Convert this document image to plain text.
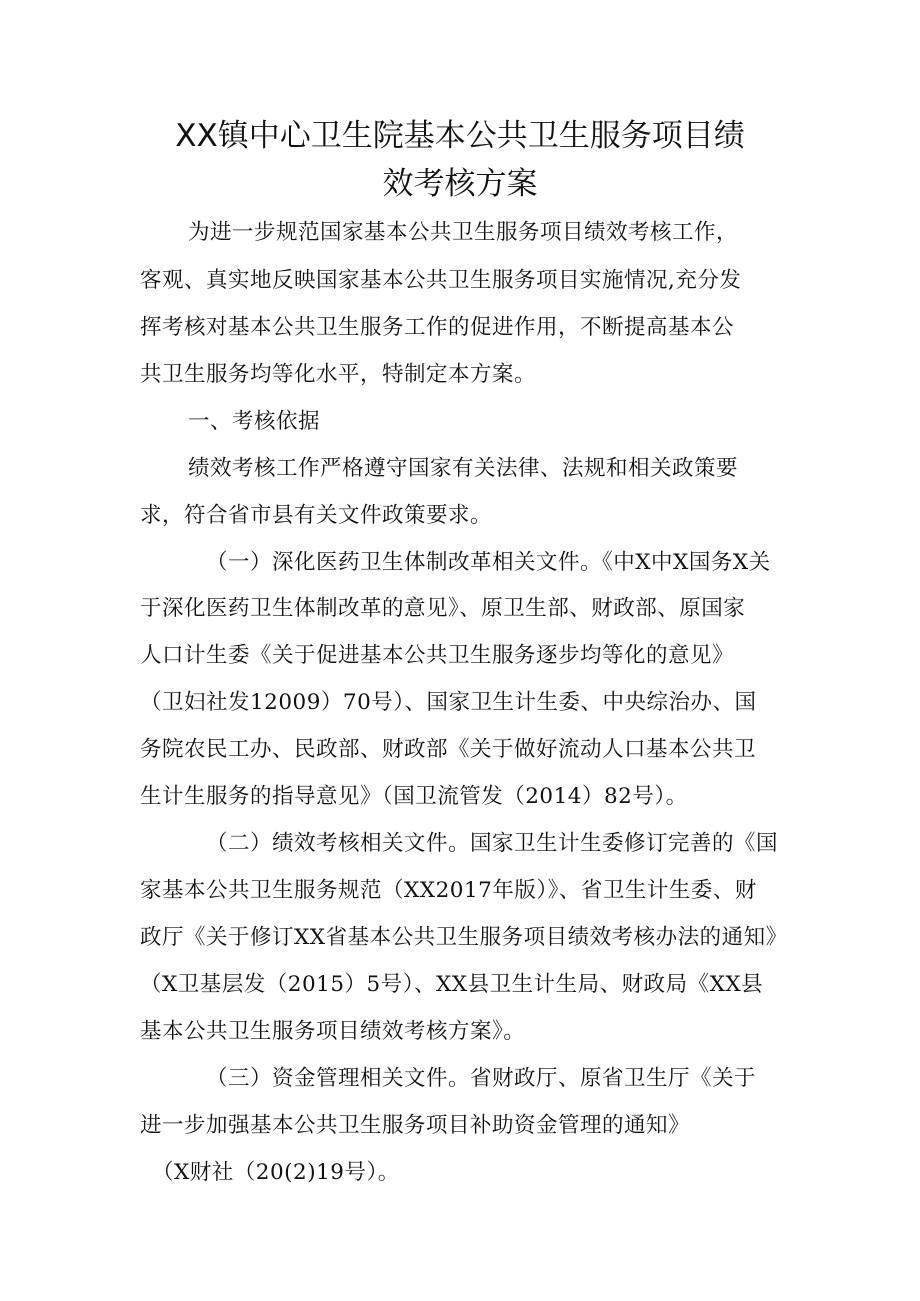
XX镇中心卫生院基本公共卫生服务项目绩
效考核方案
为进一步规范国家基本公共卫生服务项目绩效考核工作，
客观、真实地反映国家基本公共卫生服务项目实施情况,充分发
挥考核对基本公共卫生服务工作的促进作用，不断提高基本公
共卫生服务均等化水平，特制定本方案。
一、考核依据
绩效考核工作严格遵守国家有关法律、法规和相关政策要
求，符合省市县有关文件政策要求。
（一）深化医药卫生体制改革相关文件。《中X中X国务X关
于深化医药卫生体制改革的意见》、原卫生部、财政部、原国家
人口计生委《关于促进基本公共卫生服务逐步均等化的意见》
（卫妇社发12009）70号）、国家卫生计生委、中央综治办、国
务院农民工办、民政部、财政部《关于做好流动人口基本公共卫
生计生服务的指导意见》（国卫流管发（2014）82号）。
（二）绩效考核相关文件。国家卫生计生委修订完善的《国
家基本公共卫生服务规范（XX2017年版）》、省卫生计生委、财
政厅《关于修订XX省基本公共卫生服务项目绩效考核办法的通知》
（X卫基层发（2015）5号）、XX县卫生计生局、财政局《XX县
基本公共卫生服务项目绩效考核方案》。
（三）资金管理相关文件。省财政厅、原省卫生厅《关于
进一步加强基本公共卫生服务项目补助资金管理的通知》
（X财社（20(2)19号）。
